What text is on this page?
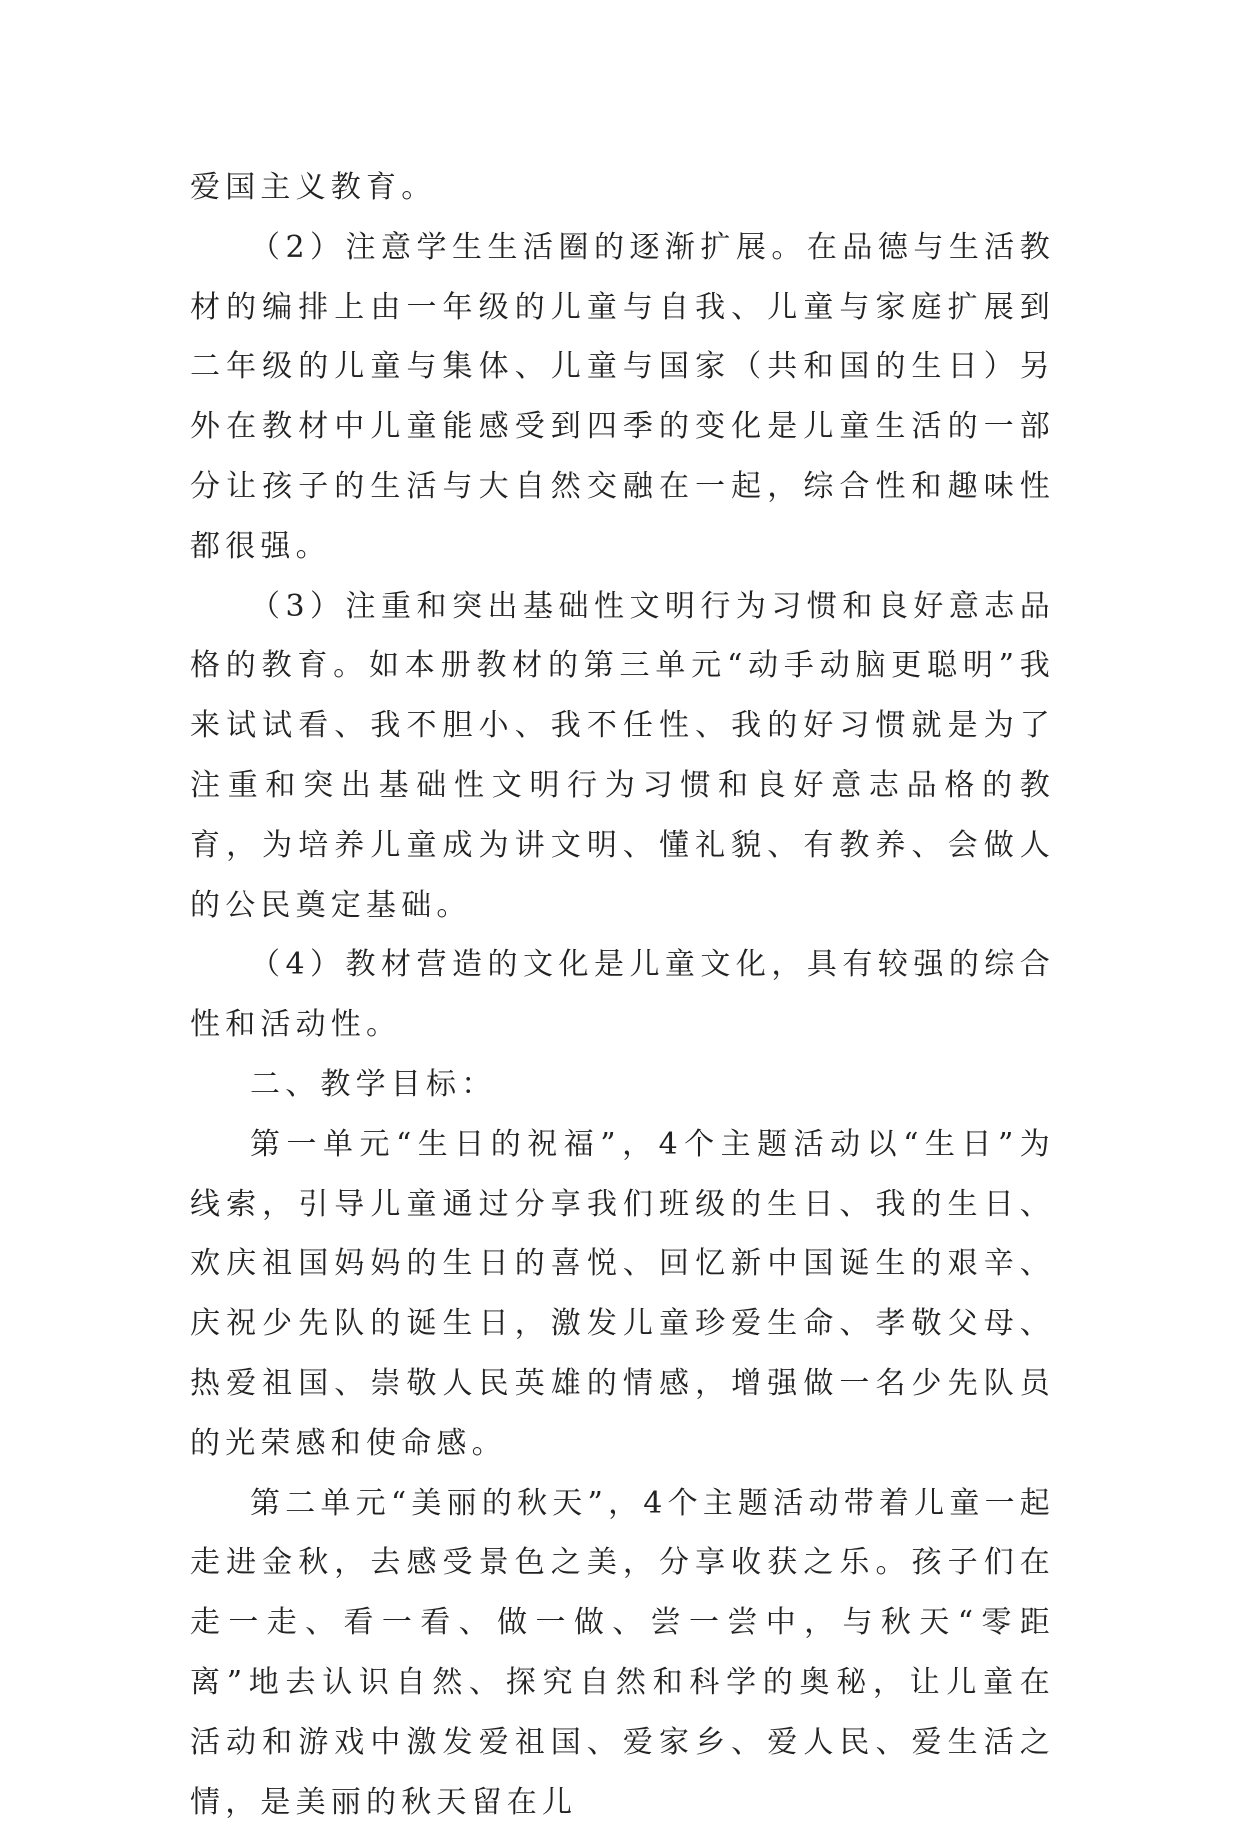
爱国主义教育。

（2）注意学生生活圈的逐渐扩展。在品德与生活教材的编排上由一年级的儿童与自我、儿童与家庭扩展到二年级的儿童与集体、儿童与国家（共和国的生日）另外在教材中儿童能感受到四季的变化是儿童生活的一部分让孩子的生活与大自然交融在一起，综合性和趣味性都很强。

（3）注重和突出基础性文明行为习惯和良好意志品格的教育。如本册教材的第三单元“动手动脑更聪明”我来试试看、我不胆小、我不任性、我的好习惯就是为了注重和突出基础性文明行为习惯和良好意志品格的教育，为培养儿童成为讲文明、懂礼貌、有教养、会做人的公民奠定基础。

（4）教材营造的文化是儿童文化，具有较强的综合性和活动性。

二、教学目标：

第一单元“生日的祝福”，4个主题活动以“生日”为线索，引导儿童通过分享我们班级的生日、我的生日、欢庆祖国妈妈的生日的喜悦、回忆新中国诞生的艰辛、庆祝少先队的诞生日，激发儿童珍爱生命、孝敬父母、热爱祖国、崇敬人民英雄的情感，增强做一名少先队员的光荣感和使命感。

第二单元“美丽的秋天”，4个主题活动带着儿童一起走进金秋，去感受景色之美，分享收获之乐。孩子们在走一走、看一看、做一做、尝一尝中，与秋天“零距离”地去认识自然、探究自然和科学的奥秘，让儿童在活动和游戏中激发爱祖国、爱家乡、爱人民、爱生活之情，是美丽的秋天留在儿
